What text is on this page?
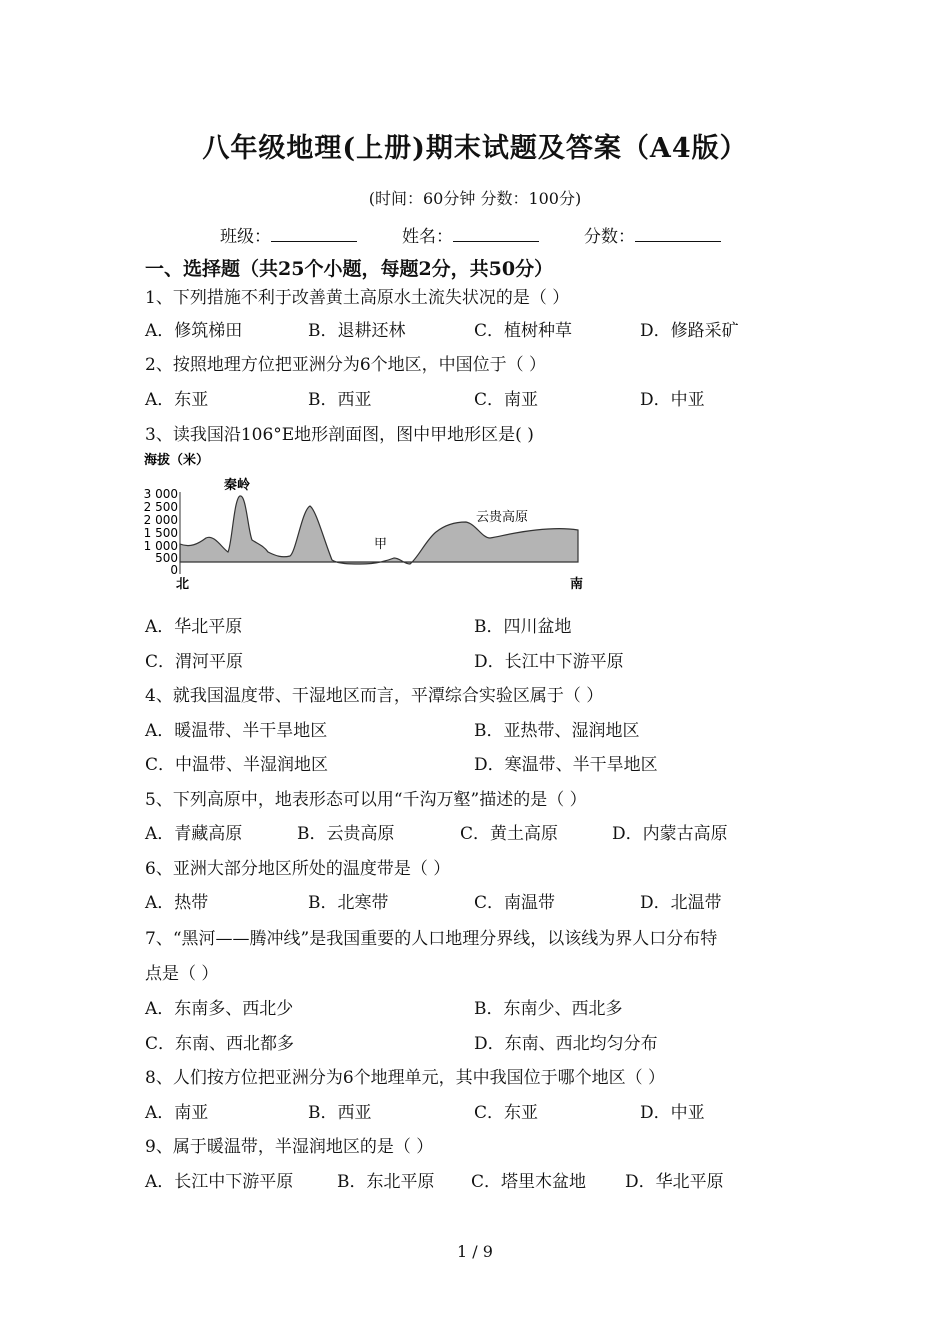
八年级地理(上册)期末试题及答案（A4版）
(时间：60分钟 分数：100分)
班级：	姓名：	分数：
一、选择题（共25个小题，每题2分，共50分）
1、下列措施不利于改善黄土高原水土流失状况的是（ ）
A．修筑梯田	B．退耕还林	C．植树种草	D．修路采矿
2、按照地理方位把亚洲分为6个地区，中国位于（ ）
A．东亚	B．西亚	C．南亚	D．中亚
3、读我国沿106°E地形剖面图，图中甲地形区是( )
海拔（米）
3 000
2 500
2 000
1 500
1 000
500
0
秦岭
甲
云贵高原
北	南
A．华北平原	B．四川盆地
C．渭河平原	D．长江中下游平原
4、就我国温度带、干湿地区而言，平潭综合实验区属于（ ）
A．暖温带、半干旱地区	B．亚热带、湿润地区
C．中温带、半湿润地区	D．寒温带、半干旱地区
5、下列高原中，地表形态可以用“千沟万壑”描述的是（ ）
A．青藏高原	B．云贵高原	C．黄土高原	D．内蒙古高原
6、亚洲大部分地区所处的温度带是（ ）
A．热带	B．北寒带	C．南温带	D．北温带
7、“黑河——腾冲线”是我国重要的人口地理分界线，以该线为界人口分布特
点是（ ）
A．东南多、西北少	B．东南少、西北多
C．东南、西北都多	D．东南、西北均匀分布
8、人们按方位把亚洲分为6个地理单元，其中我国位于哪个地区（ ）
A．南亚	B．西亚	C．东亚	D．中亚
9、属于暖温带，半湿润地区的是（ ）
A．长江中下游平原	B．东北平原 C．塔里木盆地 D．华北平原
1 / 9
